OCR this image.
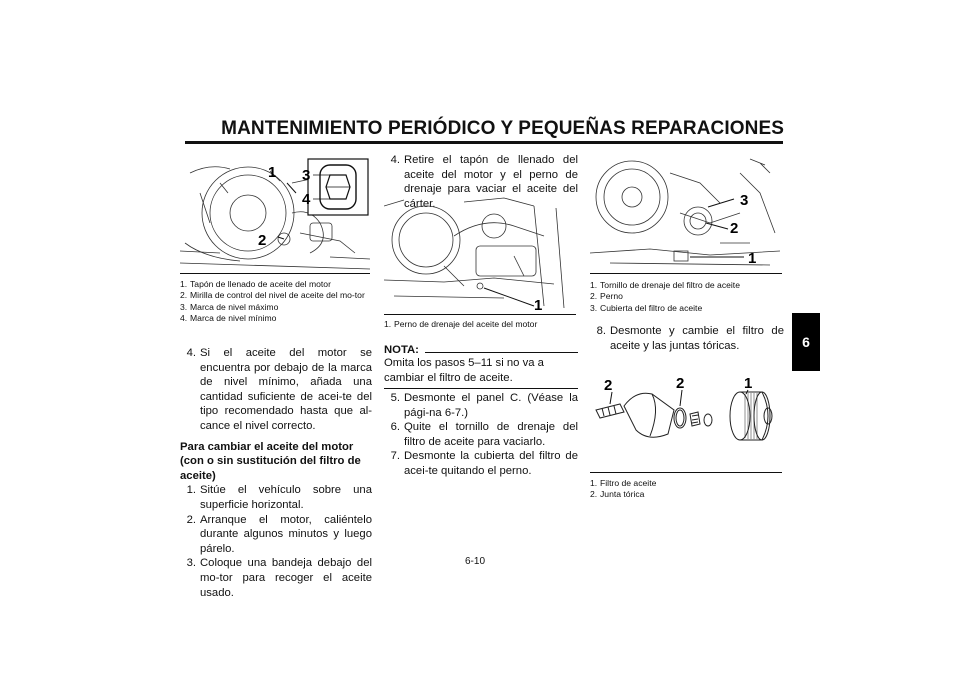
MANTENIMIENTO PERIÓDICO Y PEQUEÑAS REPARACIONES
6
1
2
3
4
1. Tapón de llenado de aceite del motor
2. Mirilla de control del nivel de aceite del mo-tor
3. Marca de nivel máximo
4. Marca de nivel mínimo
4. Si el aceite del motor se encuentra por debajo de la marca de nivel mínimo, añada una cantidad suficiente de acei-te del tipo recomendado hasta que al-cance el nivel correcto.
Para cambiar el aceite del motor (con o sin sustitución del filtro de aceite)
1. Sitúe el vehículo sobre una superficie horizontal.
2. Arranque el motor, caliéntelo durante algunos minutos y luego párelo.
3. Coloque una bandeja debajo del mo-tor para recoger el aceite usado.
4. Retire el tapón de llenado del aceite del motor y el perno de drenaje para vaciar el aceite del cárter.
1
1. Perno de drenaje del aceite del motor
NOTA:
Omita los pasos 5–11 si no va a cambiar el filtro de aceite.
5. Desmonte el panel C. (Véase la pági-na 6-7.)
6. Quite el tornillo de drenaje del filtro de aceite para vaciarlo.
7. Desmonte la cubierta del filtro de acei-te quitando el perno.
3
2
1
1. Tornillo de drenaje del filtro de aceite
2. Perno
3. Cubierta del filtro de aceite
8. Desmonte y cambie el filtro de aceite y las juntas tóricas.
2	2	1
1. Filtro de aceite
2. Junta tórica
6-10
